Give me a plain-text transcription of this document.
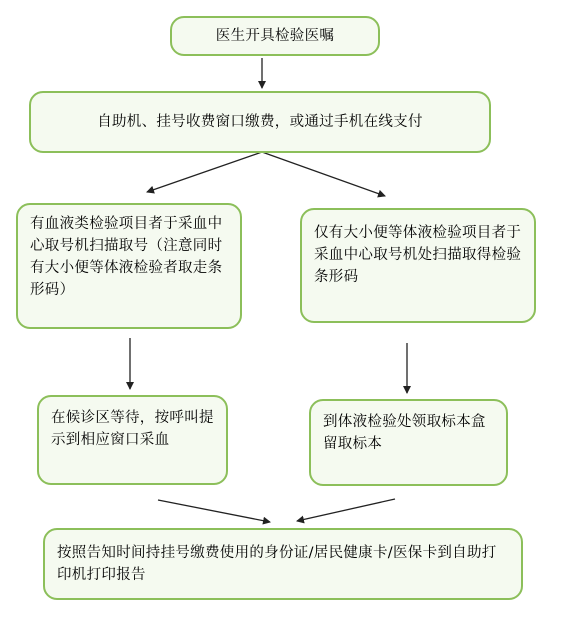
医生开具检验医嘱
自助机、挂号收费窗口缴费，或通过手机在线支付
有血液类检验项目者于采血中心取号机扫描取号（注意同时有大小便等体液检验者取走条形码）
仅有大小便等体液检验项目者于采血中心取号机处扫描取得检验条形码
在候诊区等待，按呼叫提示到相应窗口采血
到体液检验处领取标本盒留取标本
按照告知时间持挂号缴费使用的身份证/居民健康卡/医保卡到自助打印机打印报告
